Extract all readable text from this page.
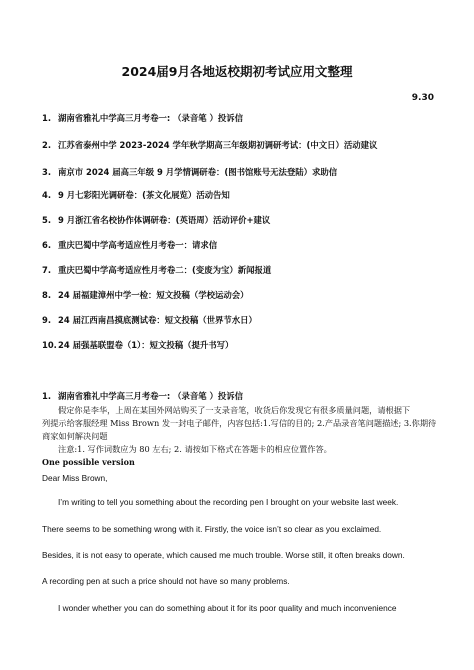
2024届9月各地返校期初考试应用文整理
9.30
1. 湖南省雅礼中学高三月考卷一: （录音笔 ）投诉信
2. 江苏省泰州中学 2023-2024 学年秋学期高三年级期初调研考试：(中文日）活动建议
3. 南京市 2024 届高三年级 9 月学情调研卷：(图书馆账号无法登陆）求助信
4. 9 月七彩阳光调研卷：(茶文化展览）活动告知
5. 9 月浙江省名校协作体调研卷：(英语周）活动评价+建议
6. 重庆巴蜀中学高考适应性月考卷一：请求信
7. 重庆巴蜀中学高考适应性月考卷二：(变废为宝）新闻报道
8. 24 届福建漳州中学一检：短文投稿（学校运动会）
9. 24 届江西南昌摸底测试卷：短文投稿（世界节水日）
10.24 届强基联盟卷（1）：短文投稿（提升书写）
1. 湖南省雅礼中学高三月考卷一: （录音笔 ）投诉信

假定你是李华，上周在某国外网站购买了一支录音笔，收货后你发现它有很多质量问题，请根据下

列提示给客服经理 Miss Brown 发一封电子邮件，内容包括:1.写信的目的; 2.产品录音笔问题描述; 3.你期待

商家如何解决问题

注意:1. 写作词数应为 80 左右; 2. 请按如下格式在答题卡的相应位置作答。

One possible version

Dear Miss Brown,

I’m writing to tell you something about the recording pen I brought on your website last week.

There seems to be something wrong with it. Firstly, the voice isn’t so clear as you exclaimed.

Besides, it is not easy to operate, which caused me much trouble. Worse still, it often breaks down.

A recording pen at such a price should not have so many problems.

I wonder whether you can do something about it for its poor quality and much inconvenience
